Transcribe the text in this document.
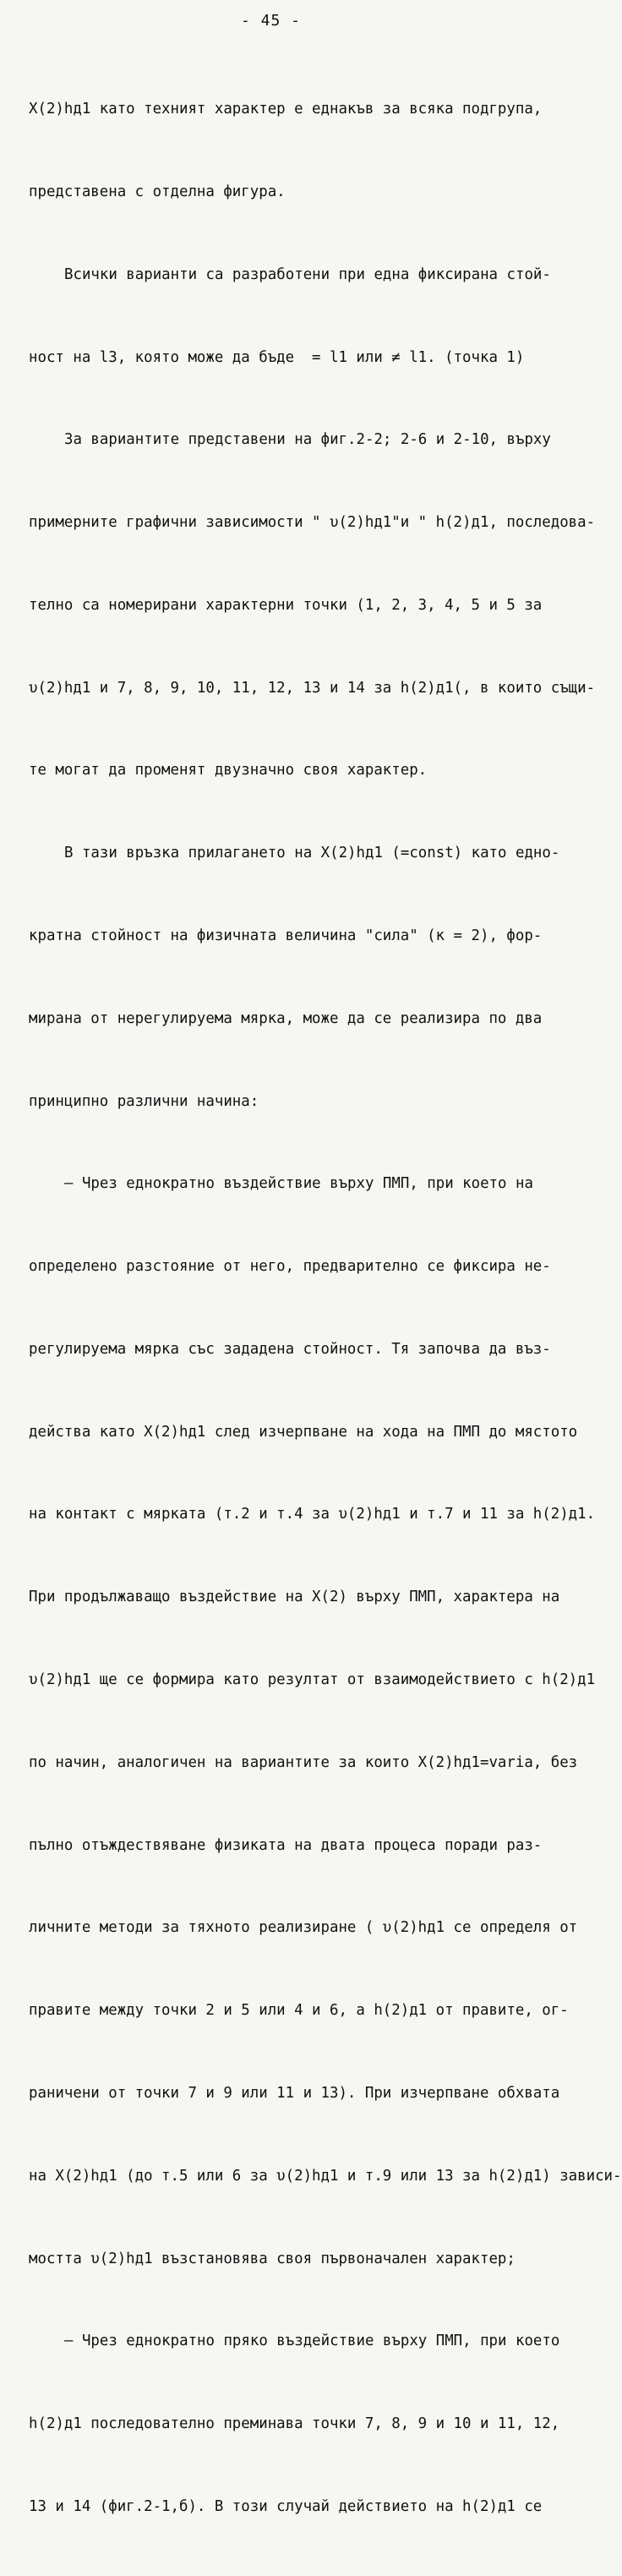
- 45 -

X(2)hд1 като техният характер е еднакъв за всяка подгрупа,

представена с отделна фигура.

Всички варианти са разработени при една фиксирана стой-

ност на l3, която може да бъде  = l1 или ≠ l1. (точка 1)

За вариантите представени на фиг.2-2; 2-6 и 2-10, върху

примерните графични зависимости " υ(2)hд1"и " h(2)д1, последова-

телно са номерирани характерни точки (1, 2, 3, 4, 5 и 5 за

υ(2)hд1 и 7, 8, 9, 10, 11, 12, 13 и 14 за h(2)д1(, в които същи-

те могат да променят двузначно своя характер.

В тази връзка прилагането на X(2)hд1 (=const) като едно-

кратна стойност на физичната величина "сила" (к = 2), фор-

мирана от нерегулируема мярка, може да се реализира по два

принципно различни начина:

– Чрез еднократно въздействие върху ПМП, при което на

определено разстояние от него, предварително се фиксира не-

регулируема мярка със зададена стойност. Тя започва да въз-

действа като X(2)hд1 след изчерпване на хода на ПМП до мястото

на контакт с мярката (т.2 и т.4 за υ(2)hд1 и т.7 и 11 за h(2)д1.

При продължаващо въздействие на X(2) върху ПМП, характера на

υ(2)hд1 ще се формира като резултат от взаимодействието с h(2)д1

по начин, аналогичен на вариантите за които X(2)hд1=varia, без

пълно отъждествяване физиката на двата процеса поради раз-

личните методи за тяхното реализиране ( υ(2)hд1 се определя от

правите между точки 2 и 5 или 4 и 6, а h(2)д1 от правите, ог-

раничени от точки 7 и 9 или 11 и 13). При изчерпване обхвата

на X(2)hд1 (до т.5 или 6 за υ(2)hд1 и т.9 или 13 за h(2)д1) зависи-

мостта υ(2)hд1 възстановява своя първоначален характер;

– Чрез еднократно пряко въздействие върху ПМП, при което

h(2)д1 последователно преминава точки 7, 8, 9 и 10 и 11, 12,

13 и 14 (фиг.2-1,б). В този случай действието на h(2)д1 се
